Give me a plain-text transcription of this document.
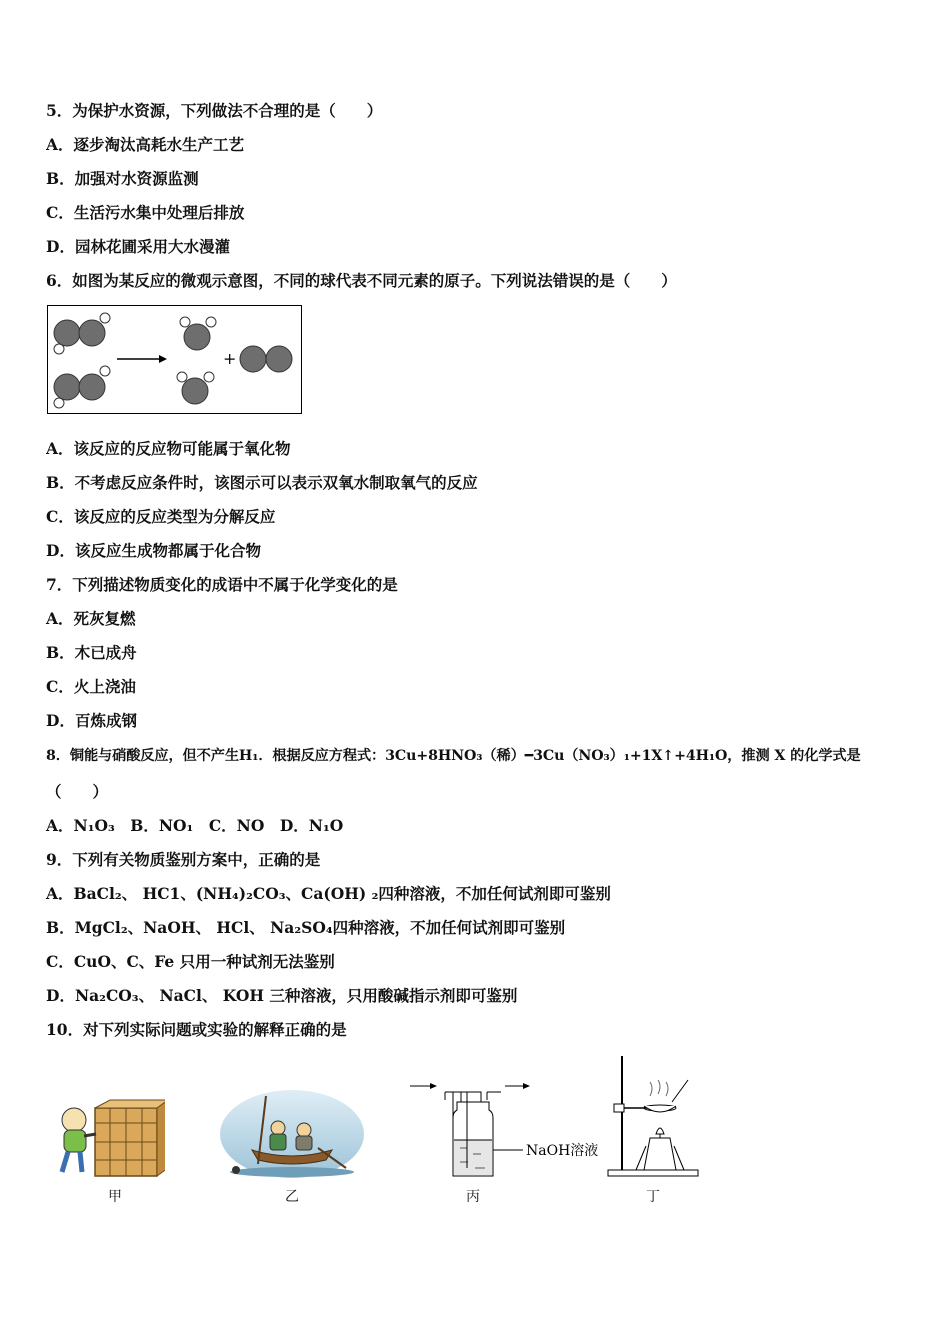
5．为保护水资源，下列做法不合理的是（　　）
A．逐步淘汰高耗水生产工艺
B．加强对水资源监测
C．生活污水集中处理后排放
D．园林花圃采用大水漫灌
6．如图为某反应的微观示意图，不同的球代表不同元素的原子。下列说法错误的是（　　）
+
A．该反应的反应物可能属于氧化物
B．不考虑反应条件时，该图示可以表示双氧水制取氧气的反应
C．该反应的反应类型为分解反应
D．该反应生成物都属于化合物
7．下列描述物质变化的成语中不属于化学变化的是
A．死灰复燃
B．木已成舟
C．火上浇油
D．百炼成钢
8．铜能与硝酸反应，但不产生H₁．根据反应方程式：3Cu+8HNO₃（稀）━3Cu（NO₃）₁+1X↑+4H₁O，推测 X 的化学式是
（　　）
A．N₁O₃　B．NO₁　C．NO　D．N₁O
9．下列有关物质鉴别方案中，正确的是
A．BaCl₂、 HC1、(NH₄)₂CO₃、Ca(OH) ₂四种溶液，不加任何试剂即可鉴别
B．MgCl₂、NaOH、 HCl、 Na₂SO₄四种溶液，不加任何试剂即可鉴别
C．CuO、C、Fe 只用一种试剂无法鉴别
D．Na₂CO₃、 NaCl、 KOH 三种溶液，只用酸碱指示剂即可鉴别
10．对下列实际问题或实验的解释正确的是
甲	乙
NaOH溶液
丙	丁
